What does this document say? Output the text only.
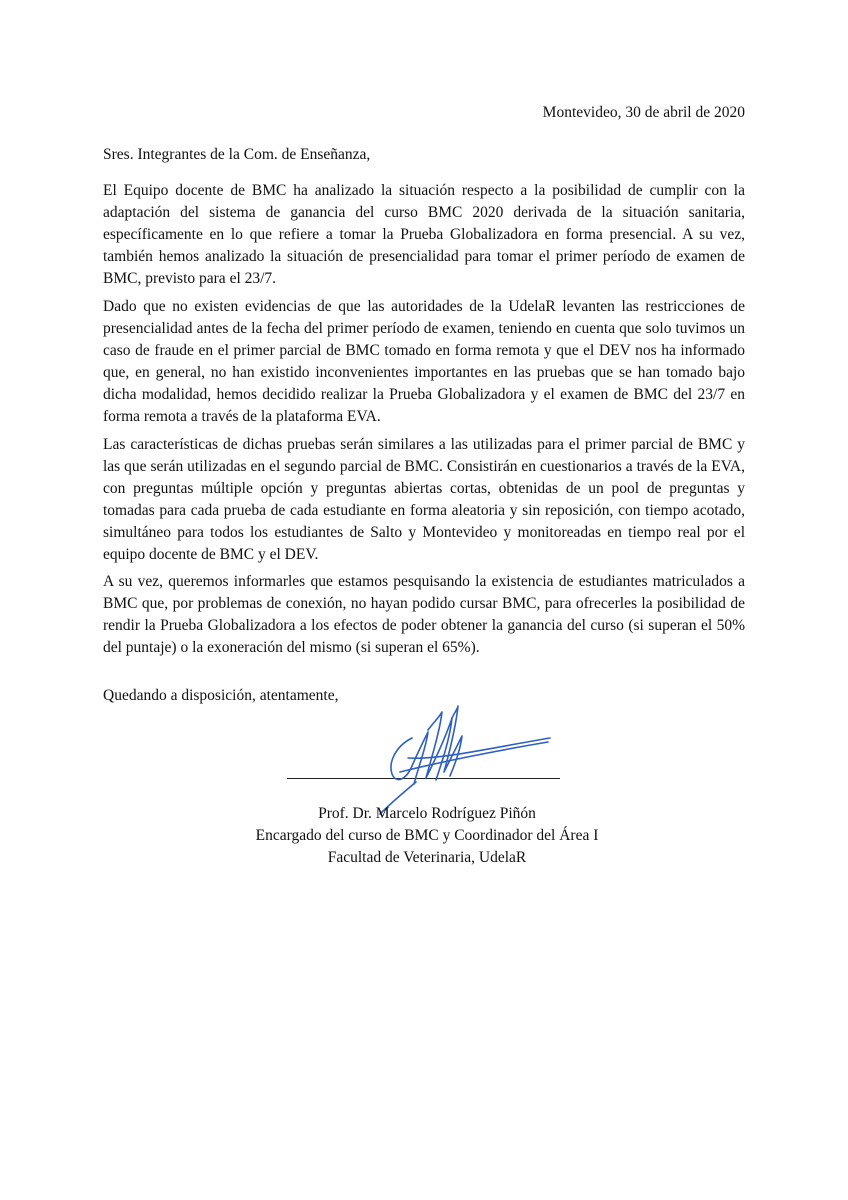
Montevideo, 30 de abril de 2020
Sres. Integrantes de la Com. de Enseñanza,

El Equipo docente de BMC ha analizado la situación respecto a la posibilidad de cumplir con la adaptación del sistema de ganancia del curso BMC 2020 derivada de la situación sanitaria, específicamente en lo que refiere a tomar la Prueba Globalizadora en forma presencial. A su vez, también hemos analizado la situación de presencialidad para tomar el primer período de examen de BMC, previsto para el 23/7.

Dado que no existen evidencias de que las autoridades de la UdelaR levanten las restricciones de presencialidad antes de la fecha del primer período de examen, teniendo en cuenta que solo tuvimos un caso de fraude en el primer parcial de BMC tomado en forma remota y que el DEV nos ha informado que, en general, no han existido inconvenientes importantes en las pruebas que se han tomado bajo dicha modalidad, hemos decidido realizar la Prueba Globalizadora y el examen de BMC del 23/7 en forma remota a través de la plataforma EVA.

Las características de dichas pruebas serán similares a las utilizadas para el primer parcial de BMC y las que serán utilizadas en el segundo parcial de BMC. Consistirán en cuestionarios a través de la EVA, con preguntas múltiple opción y preguntas abiertas cortas, obtenidas de un pool de preguntas y tomadas para cada prueba de cada estudiante en forma aleatoria y sin reposición, con tiempo acotado, simultáneo para todos los estudiantes de Salto y Montevideo y monitoreadas en tiempo real por el equipo docente de BMC y el DEV.

A su vez, queremos informarles que estamos pesquisando la existencia de estudiantes matriculados a BMC que, por problemas de conexión, no hayan podido cursar BMC, para ofrecerles la posibilidad de rendir la Prueba Globalizadora a los efectos de poder obtener la ganancia del curso (si superan el 50% del puntaje) o la exoneración del mismo (si superan el 65%).

Quedando a disposición, atentamente,
Prof. Dr. Marcelo Rodríguez Piñón
Encargado del curso de BMC y Coordinador del Área I
Facultad de Veterinaria, UdelaR
